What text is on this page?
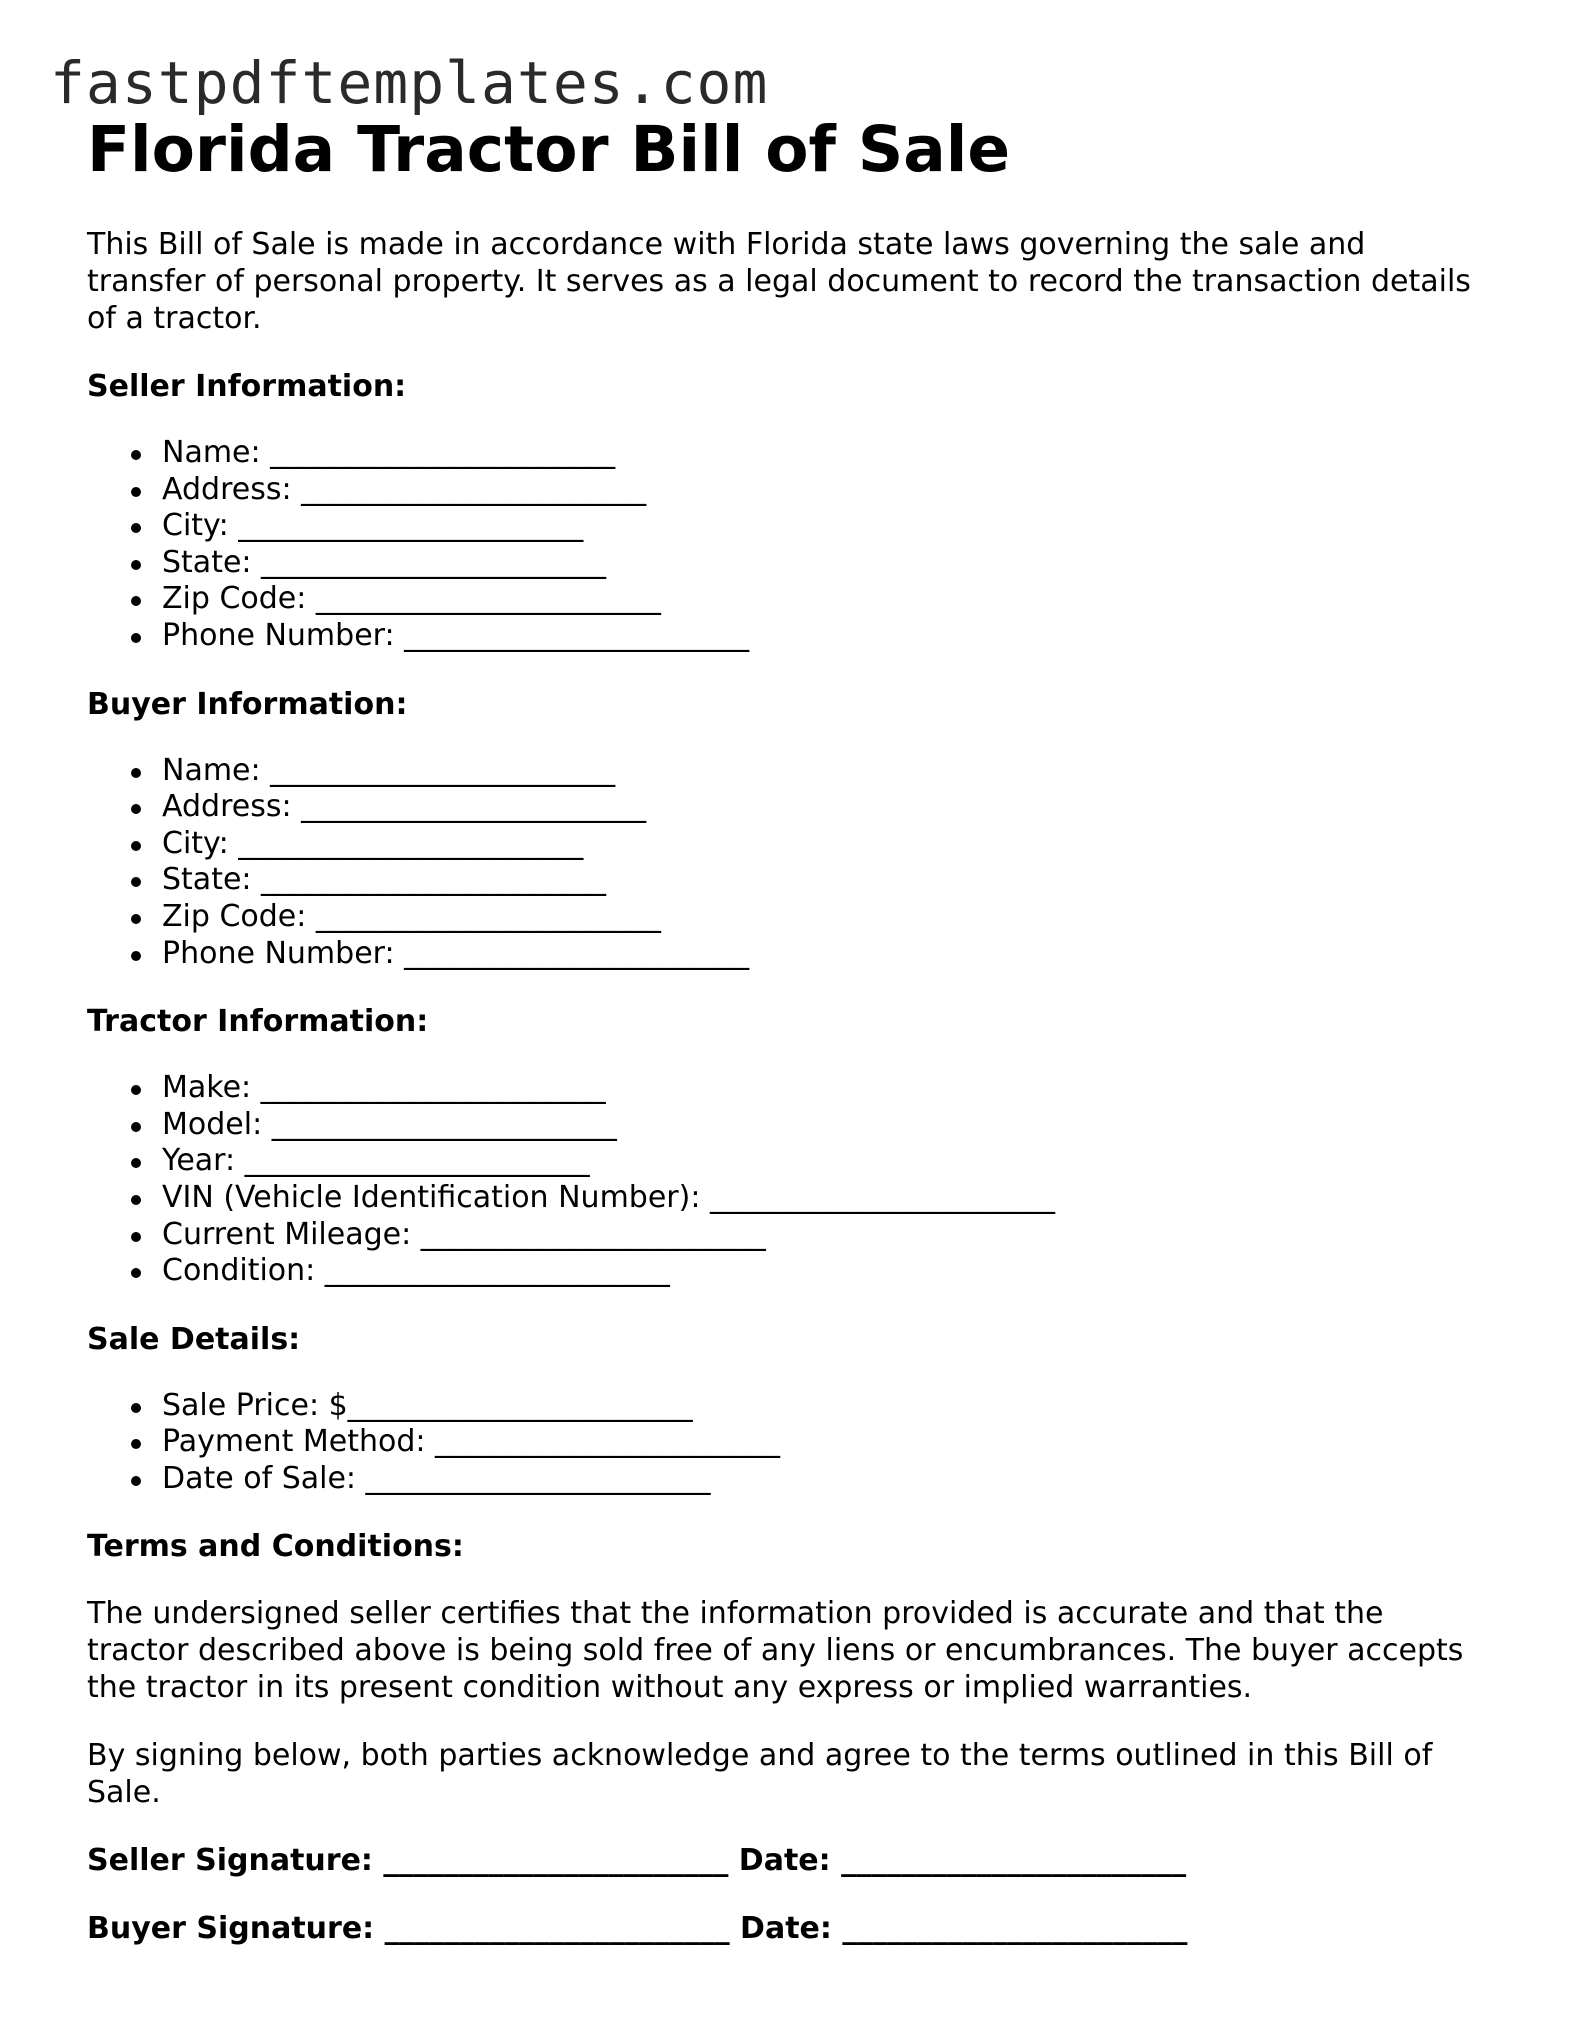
fastpdftemplates.com
Florida Tractor Bill of Sale

This Bill of Sale is made in accordance with Florida state laws governing the sale and transfer of personal property. It serves as a legal document to record the transaction details of a tractor.

Seller Information:
Name: _______________________
Address: _______________________
City: _______________________
State: _______________________
Zip Code: _______________________
Phone Number: _______________________
Buyer Information:
Name: _______________________
Address: _______________________
City: _______________________
State: _______________________
Zip Code: _______________________
Phone Number: _______________________
Tractor Information:
Make: _______________________
Model: _______________________
Year: _______________________
VIN (Vehicle Identification Number): _______________________
Current Mileage: _______________________
Condition: _______________________
Sale Details:
Sale Price: $_______________________
Payment Method: _______________________
Date of Sale: _______________________
Terms and Conditions:

The undersigned seller certifies that the information provided is accurate and that the tractor described above is being sold free of any liens or encumbrances. The buyer accepts the tractor in its present condition without any express or implied warranties.

By signing below, both parties acknowledge and agree to the terms outlined in this Bill of Sale.

Seller Signature: _______________________ Date: _______________________
Buyer Signature: _______________________ Date: _______________________
